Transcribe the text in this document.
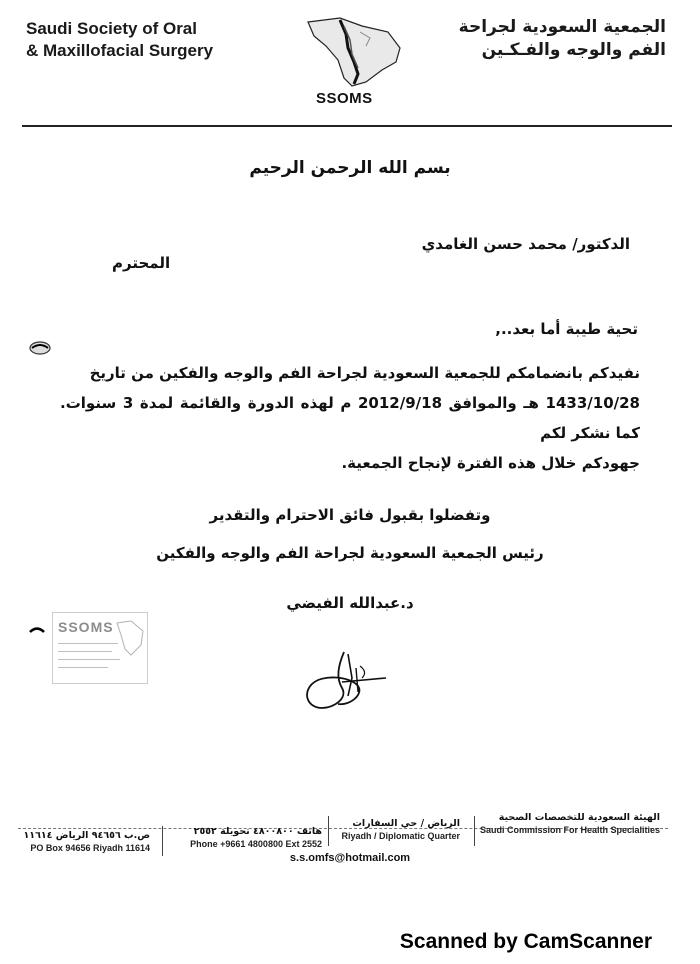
Saudi Society of Oral
& Maxillofacial Surgery
الجمعية السعودية لجراحة
الفم والوجه والفـكـين
SSOMS
بسم الله الرحمن الرحيم
الدكتور/ محمد حسن الغامدي
المحترم
تحية طيبة أما بعد..,
نفيدكم بانضمامكم للجمعية السعودية لجراحة الفم والوجه والفكين من تاريخ
1433/10/28 هـ والموافق 2012/9/18 م لهذه الدورة والقائمة لمدة 3 سنوات. كما نشكر لكم
جهودكم خلال هذه الفترة لإنجاح الجمعية.
وتفضلوا بقبول فائق الاحترام والتقدير
رئيس الجمعية السعودية لجراحة الفم والوجه والفكين
د.عبدالله الفيضي
SSOMS
الهيئة السعودية للتخصصات الصحية
Saudi Commission For Health Specialities
الرياض / حي السفارات
Riyadh / Diplomatic Quarter
هاتف ٤٨٠٠٨٠٠ تحويلة ٢٥٥٢
Phone +9661 4800800 Ext 2552
ص.ب ٩٤٦٥٦ الرياض ١١٦١٤
PO Box 94656 Riyadh 11614
s.s.omfs@hotmail.com
Scanned by CamScanner
